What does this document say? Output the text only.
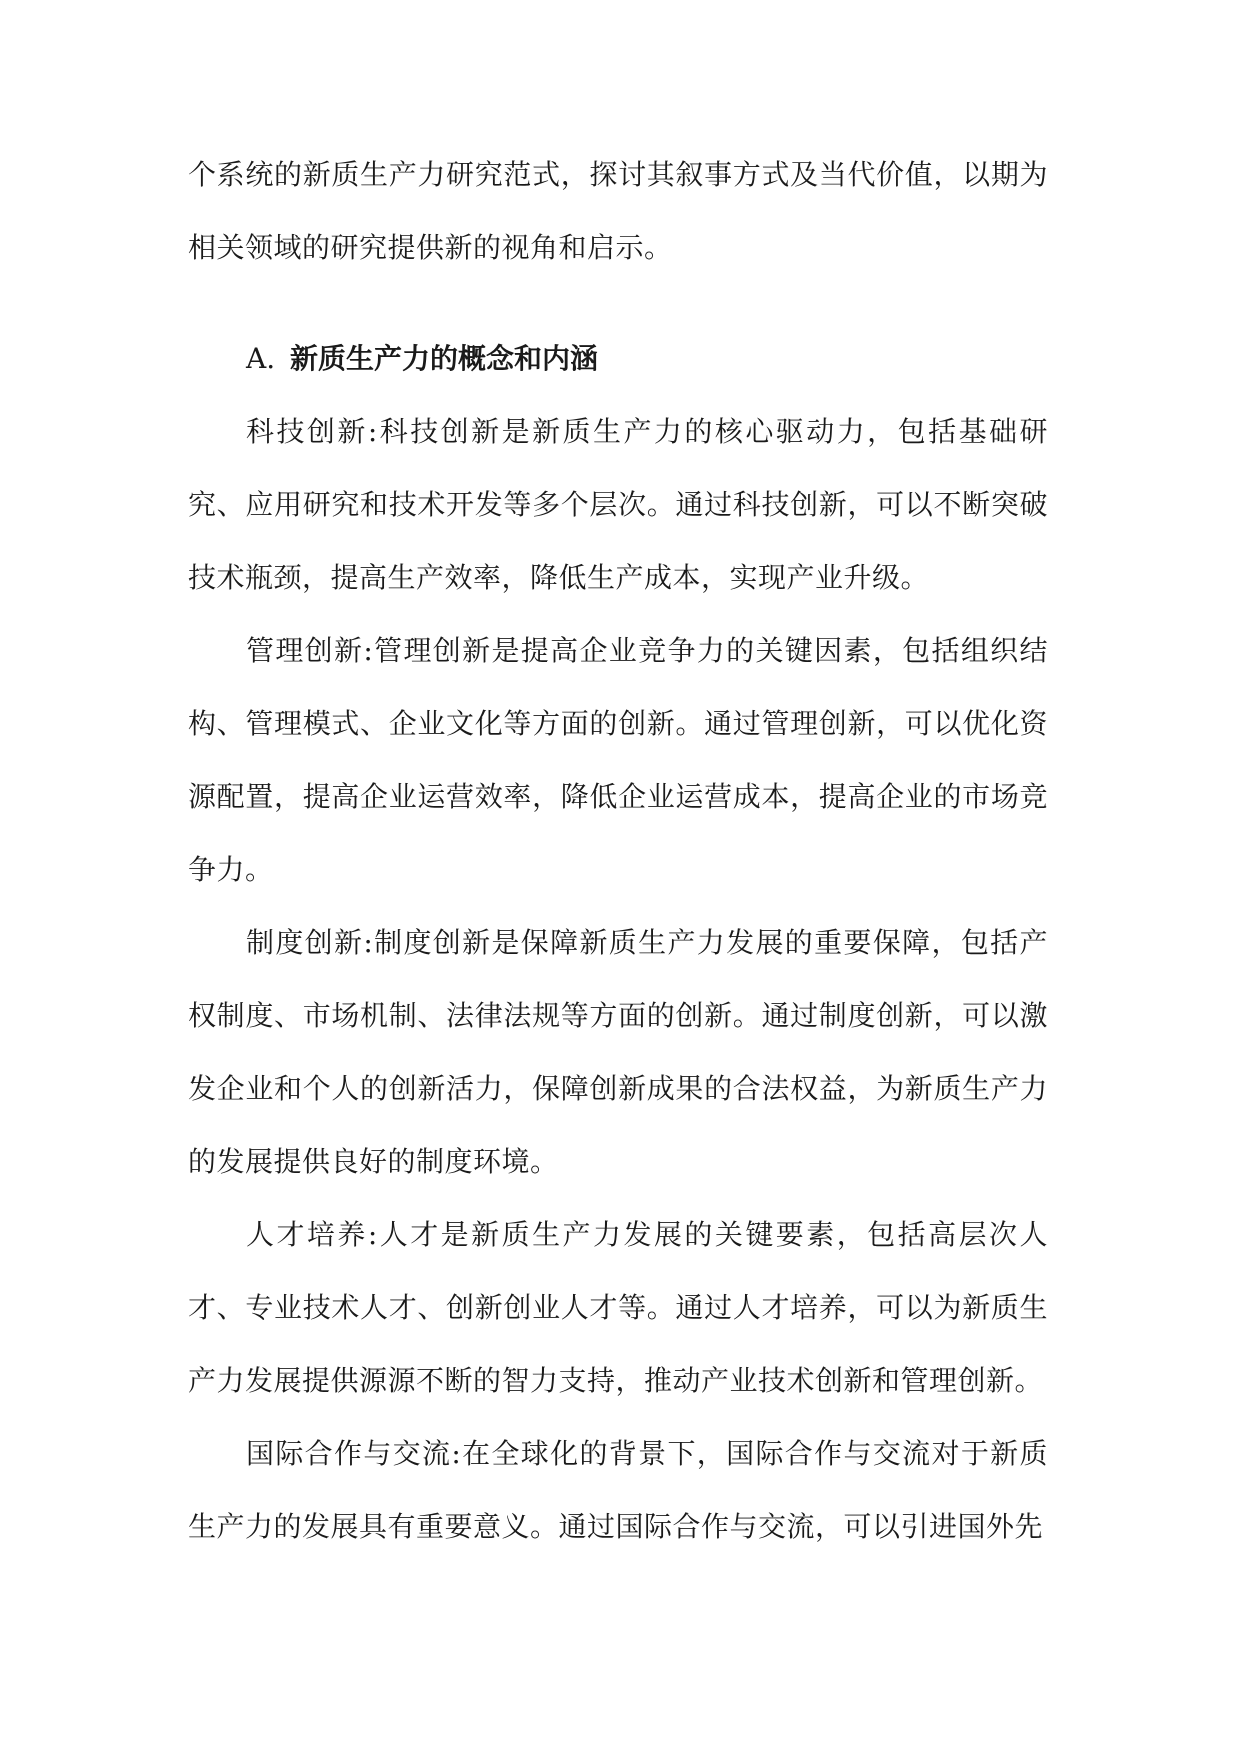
个系统的新质生产力研究范式，探讨其叙事方式及当代价值，以期为相关领域的研究提供新的视角和启示。

A. 新质生产力的概念和内涵

科技创新:科技创新是新质生产力的核心驱动力，包括基础研究、应用研究和技术开发等多个层次。通过科技创新，可以不断突破技术瓶颈，提高生产效率，降低生产成本，实现产业升级。

管理创新:管理创新是提高企业竞争力的关键因素，包括组织结构、管理模式、企业文化等方面的创新。通过管理创新，可以优化资源配置，提高企业运营效率，降低企业运营成本，提高企业的市场竞争力。

制度创新:制度创新是保障新质生产力发展的重要保障，包括产权制度、市场机制、法律法规等方面的创新。通过制度创新，可以激发企业和个人的创新活力，保障创新成果的合法权益，为新质生产力的发展提供良好的制度环境。

人才培养:人才是新质生产力发展的关键要素，包括高层次人才、专业技术人才、创新创业人才等。通过人才培养，可以为新质生产力发展提供源源不断的智力支持，推动产业技术创新和管理创新。

国际合作与交流:在全球化的背景下，国际合作与交流对于新质生产力的发展具有重要意义。通过国际合作与交流，可以引进国外先
